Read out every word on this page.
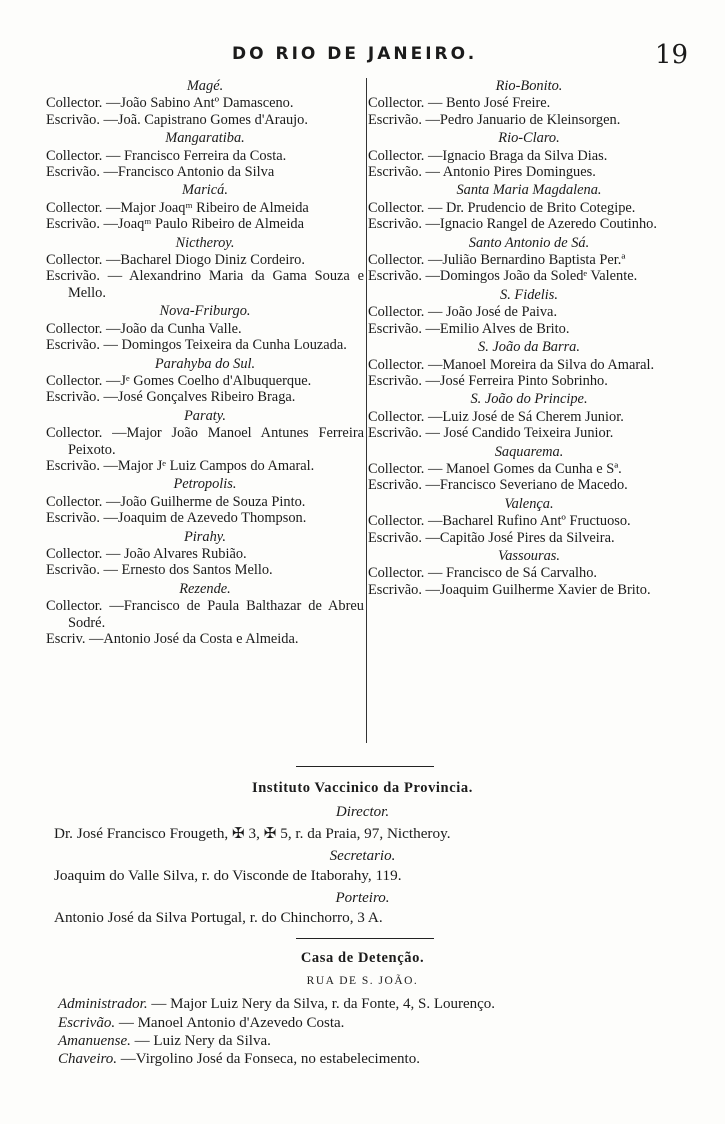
DO RIO DE JANEIRO.	19
Magé.
Collector. —João Sabino Antº Damasceno.
Escrivão. —Joã. Capistrano Gomes d'Araujo.
Mangaratiba.
Collector. — Francisco Ferreira da Costa.
Escrivão. —Francisco Antonio da Silva
Maricá.
Collector. —Major Joaqᵐ Ribeiro de Almeida
Escrivão. —Joaqᵐ Paulo Ribeiro de Almeida
Nictheroy.
Collector. —Bacharel Diogo Diniz Cordeiro.
Escrivão. — Alexandrino Maria da Gama Souza e Mello.
Nova-Friburgo.
Collector. —João da Cunha Valle.
Escrivão. — Domingos Teixeira da Cunha Louzada.
Parahyba do Sul.
Collector. —Jᵉ Gomes Coelho d'Albuquerque.
Escrivão. —José Gonçalves Ribeiro Braga.
Paraty.
Collector. —Major João Manoel Antunes Ferreira Peixoto.
Escrivão. —Major Jᵉ Luiz Campos do Amaral.
Petropolis.
Collector. —João Guilherme de Souza Pinto.
Escrivão. —Joaquim de Azevedo Thompson.
Pirahy.
Collector. — João Alvares Rubião.
Escrivão. — Ernesto dos Santos Mello.
Rezende.
Collector. —Francisco de Paula Balthazar de Abreu Sodré.
Escriv. —Antonio José da Costa e Almeida.
Rio-Bonito.
Collector. — Bento José Freire.
Escrivão. —Pedro Januario de Kleinsorgen.
Rio-Claro.
Collector. —Ignacio Braga da Silva Dias.
Escrivão. — Antonio Pires Domingues.
Santa Maria Magdalena.
Collector. — Dr. Prudencio de Brito Cotegipe.
Escrivão. —Ignacio Rangel de Azeredo Coutinho.
Santo Antonio de Sá.
Collector. —Julião Bernardino Baptista Per.ª
Escrivão. —Domingos João da Soledᵉ Valente.
S. Fidelis.
Collector. — João José de Paiva.
Escrivão. —Emilio Alves de Brito.
S. João da Barra.
Collector. —Manoel Moreira da Silva do Amaral.
Escrivão. —José Ferreira Pinto Sobrinho.
S. João do Principe.
Collector. —Luiz José de Sá Cherem Junior.
Escrivão. — José Candido Teixeira Junior.
Saquarema.
Collector. — Manoel Gomes da Cunha e Sª.
Escrivão. —Francisco Severiano de Macedo.
Valença.
Collector. —Bacharel Rufino Antº Fructuoso.
Escrivão. —Capitão José Pires da Silveira.
Vassouras.
Collector. — Francisco de Sá Carvalho.
Escrivão. —Joaquim Guilherme Xavier de Brito.
Instituto Vaccinico da Provincia.
Director.
Dr. José Francisco Frougeth, ✠ 3, ✠ 5, r. da Praia, 97, Nictheroy.
Secretario.
Joaquim do Valle Silva, r. do Visconde de Itaborahy, 119.
Porteiro.
Antonio José da Silva Portugal, r. do Chinchorro, 3 A.
Casa de Detenção.
RUA DE S. JOÃO.
Administrador. — Major Luiz Nery da Silva, r. da Fonte, 4, S. Lourenço.
Escrivão. — Manoel Antonio d'Azevedo Costa.
Amanuense. — Luiz Nery da Silva.
Chaveiro. —Virgolino José da Fonseca, no estabelecimento.
